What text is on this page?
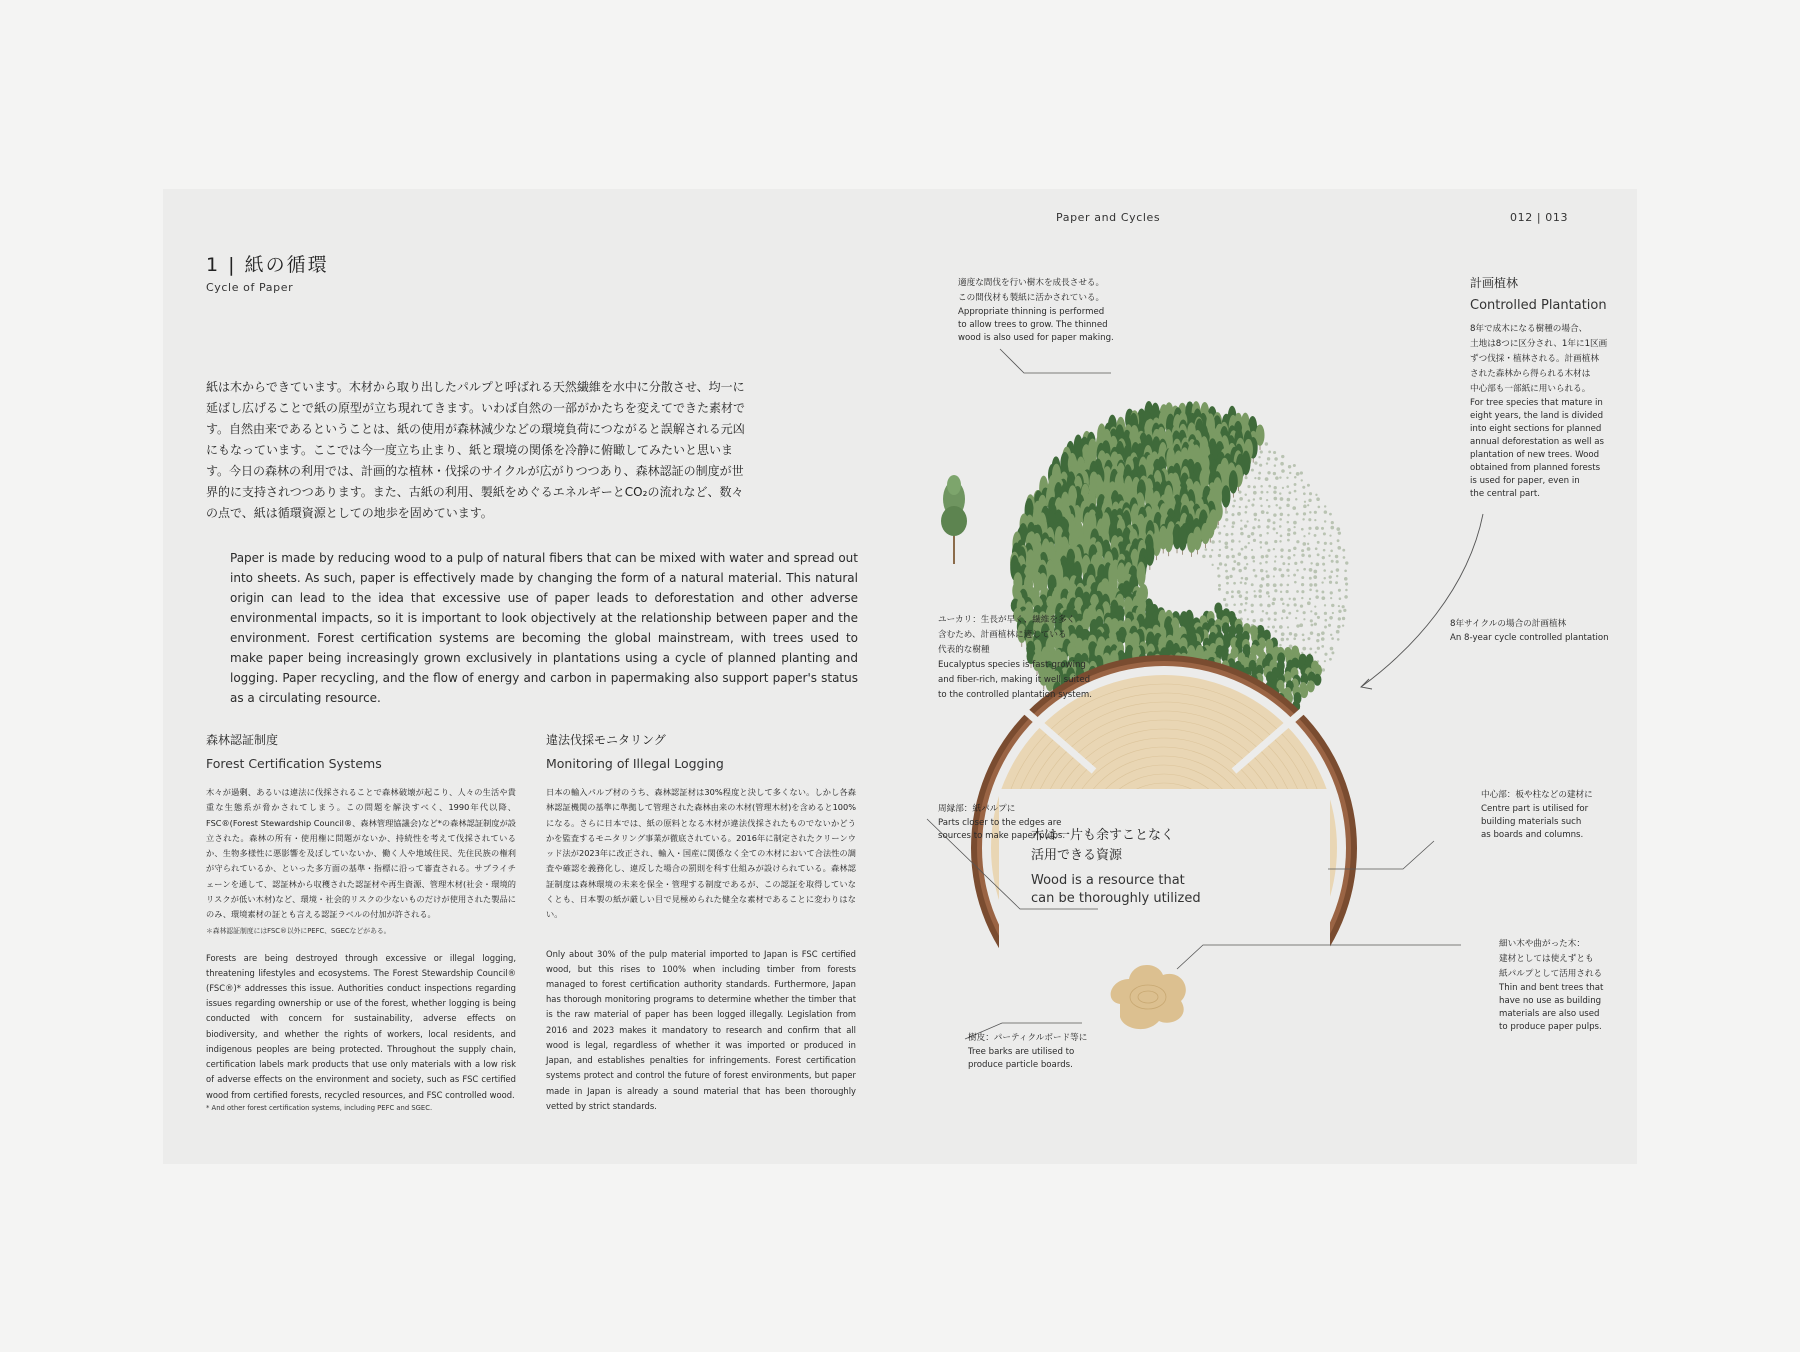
Paper and Cycles	012 | 013
1 | 紙の循環
Cycle of Paper
紙は木からできています。木材から取り出したパルプと呼ばれる天然繊維を水中に分散させ、均一に延ばし広げることで紙の原型が立ち現れてきます。いわば自然の一部がかたちを変えてできた素材です。自然由来であるということは、紙の使用が森林減少などの環境負荷につながると誤解される元凶にもなっています。ここでは今一度立ち止まり、紙と環境の関係を冷静に俯瞰してみたいと思います。今日の森林の利用では、計画的な植林・伐採のサイクルが広がりつつあり、森林認証の制度が世界的に支持されつつあります。また、古紙の利用、製紙をめぐるエネルギーとCO₂の流れなど、数々の点で、紙は循環資源としての地歩を固めています。
Paper is made by reducing wood to a pulp of natural fibers that can be mixed with water and spread out into sheets. As such, paper is effectively made by changing the form of a natural material. This natural origin can lead to the idea that excessive use of paper leads to deforestation and other adverse environmental impacts, so it is important to look objectively at the relationship between paper and the environment. Forest certification systems are becoming the global mainstream, with trees used to make paper being increasingly grown exclusively in plantations using a cycle of planned planting and logging. Paper recycling, and the flow of energy and carbon in papermaking also support paper's status as a circulating resource.
森林認証制度
Forest Certification Systems
木々が過剰、あるいは違法に伐採されることで森林破壊が起こり、人々の生活や貴重な生態系が脅かされてしまう。この問題を解決すべく、1990年代以降、FSC®(Forest Stewardship Council®、森林管理協議会)など*の森林認証制度が設立された。森林の所有・使用権に問題がないか、持続性を考えて伐採されているか、生物多様性に悪影響を及ぼしていないか、働く人や地域住民、先住民族の権利が守られているか、といった多方面の基準・指標に沿って審査される。サプライチェーンを通して、認証林から収穫された認証材や再生資源、管理木材(社会・環境的リスクが低い木材)など、環境・社会的リスクの少ないものだけが使用された製品にのみ、環境素材の証とも言える認証ラベルの付加が許される。
＊森林認証制度にはFSC®以外にPEFC、SGECなどがある。
Forests are being destroyed through excessive or illegal logging, threatening lifestyles and ecosystems. The Forest Stewardship Council® (FSC®)* addresses this issue. Authorities conduct inspections regarding issues regarding ownership or use of the forest, whether logging is being conducted with concern for sustainability, adverse effects on biodiversity, and whether the rights of workers, local residents, and indigenous peoples are being protected. Throughout the supply chain, certification labels mark products that use only materials with a low risk of adverse effects on the environment and society, such as FSC certified wood from certified forests, recycled resources, and FSC controlled wood.
* And other forest certification systems, including PEFC and SGEC.
違法伐採モニタリング
Monitoring of Illegal Logging
日本の輸入パルプ材のうち、森林認証材は30%程度と決して多くない。しかし各森林認証機関の基準に準拠して管理された森林由来の木材(管理木材)を含めると100%になる。さらに日本では、紙の原料となる木材が違法伐採されたものでないかどうかを監査するモニタリング事業が徹底されている。2016年に制定されたクリーンウッド法が2023年に改正され、輸入・国産に関係なく全ての木材において合法性の調査や確認を義務化し、違反した場合の罰則を科す仕組みが設けられている。森林認証制度は森林環境の未来を保全・管理する制度であるが、この認証を取得していなくとも、日本製の紙が厳しい目で見極められた健全な素材であることに変わりはない。
Only about 30% of the pulp material imported to Japan is FSC certified wood, but this rises to 100% when including timber from forests managed to forest certification authority standards. Furthermore, Japan has thorough monitoring programs to determine whether the timber that is the raw material of paper has been logged illegally. Legislation from 2016 and 2023 makes it mandatory to research and confirm that all wood is legal, regardless of whether it was imported or produced in Japan, and establishes penalties for infringements. Forest certification systems protect and control the future of forest environments, but paper made in Japan is already a sound material that has been thoroughly vetted by strict standards.
適度な間伐を行い樹木を成長させる。
この間伐材も製紙に活かされている。
Appropriate thinning is performed
to allow trees to grow. The thinned
wood is also used for paper making.
計画植林
Controlled Plantation
8年で成木になる樹種の場合、
土地は8つに区分され、1年に1区画
ずつ伐採・植林される。計画植林
された森林から得られる木材は
中心部も一部紙に用いられる。
For tree species that mature in
eight years, the land is divided
into eight sections for planned
annual deforestation as well as
plantation of new trees. Wood
obtained from planned forests
is used for paper, even in
the central part.
ユーカリ：生長が早く、繊維を多く
含むため、計画植林に適している
代表的な樹種
Eucalyptus species is fast-growing
and fiber-rich, making it well suited
to the controlled plantation system.
8年サイクルの場合の計画植林
An 8-year cycle controlled plantation
木は一片も余すことなく
活用できる資源
Wood is a resource that
can be thoroughly utilized
周縁部：紙パルプに
Parts closer to the edges are
sources to make paper pulps.
中心部：板や柱などの建材に
Centre part is utilised for
building materials such
as boards and columns.
細い木や曲がった木：
建材としては使えずとも
紙パルプとして活用される
Thin and bent trees that
have no use as building
materials are also used
to produce paper pulps.
樹皮：パーティクルボード等に
Tree barks are utilised to
produce particle boards.
